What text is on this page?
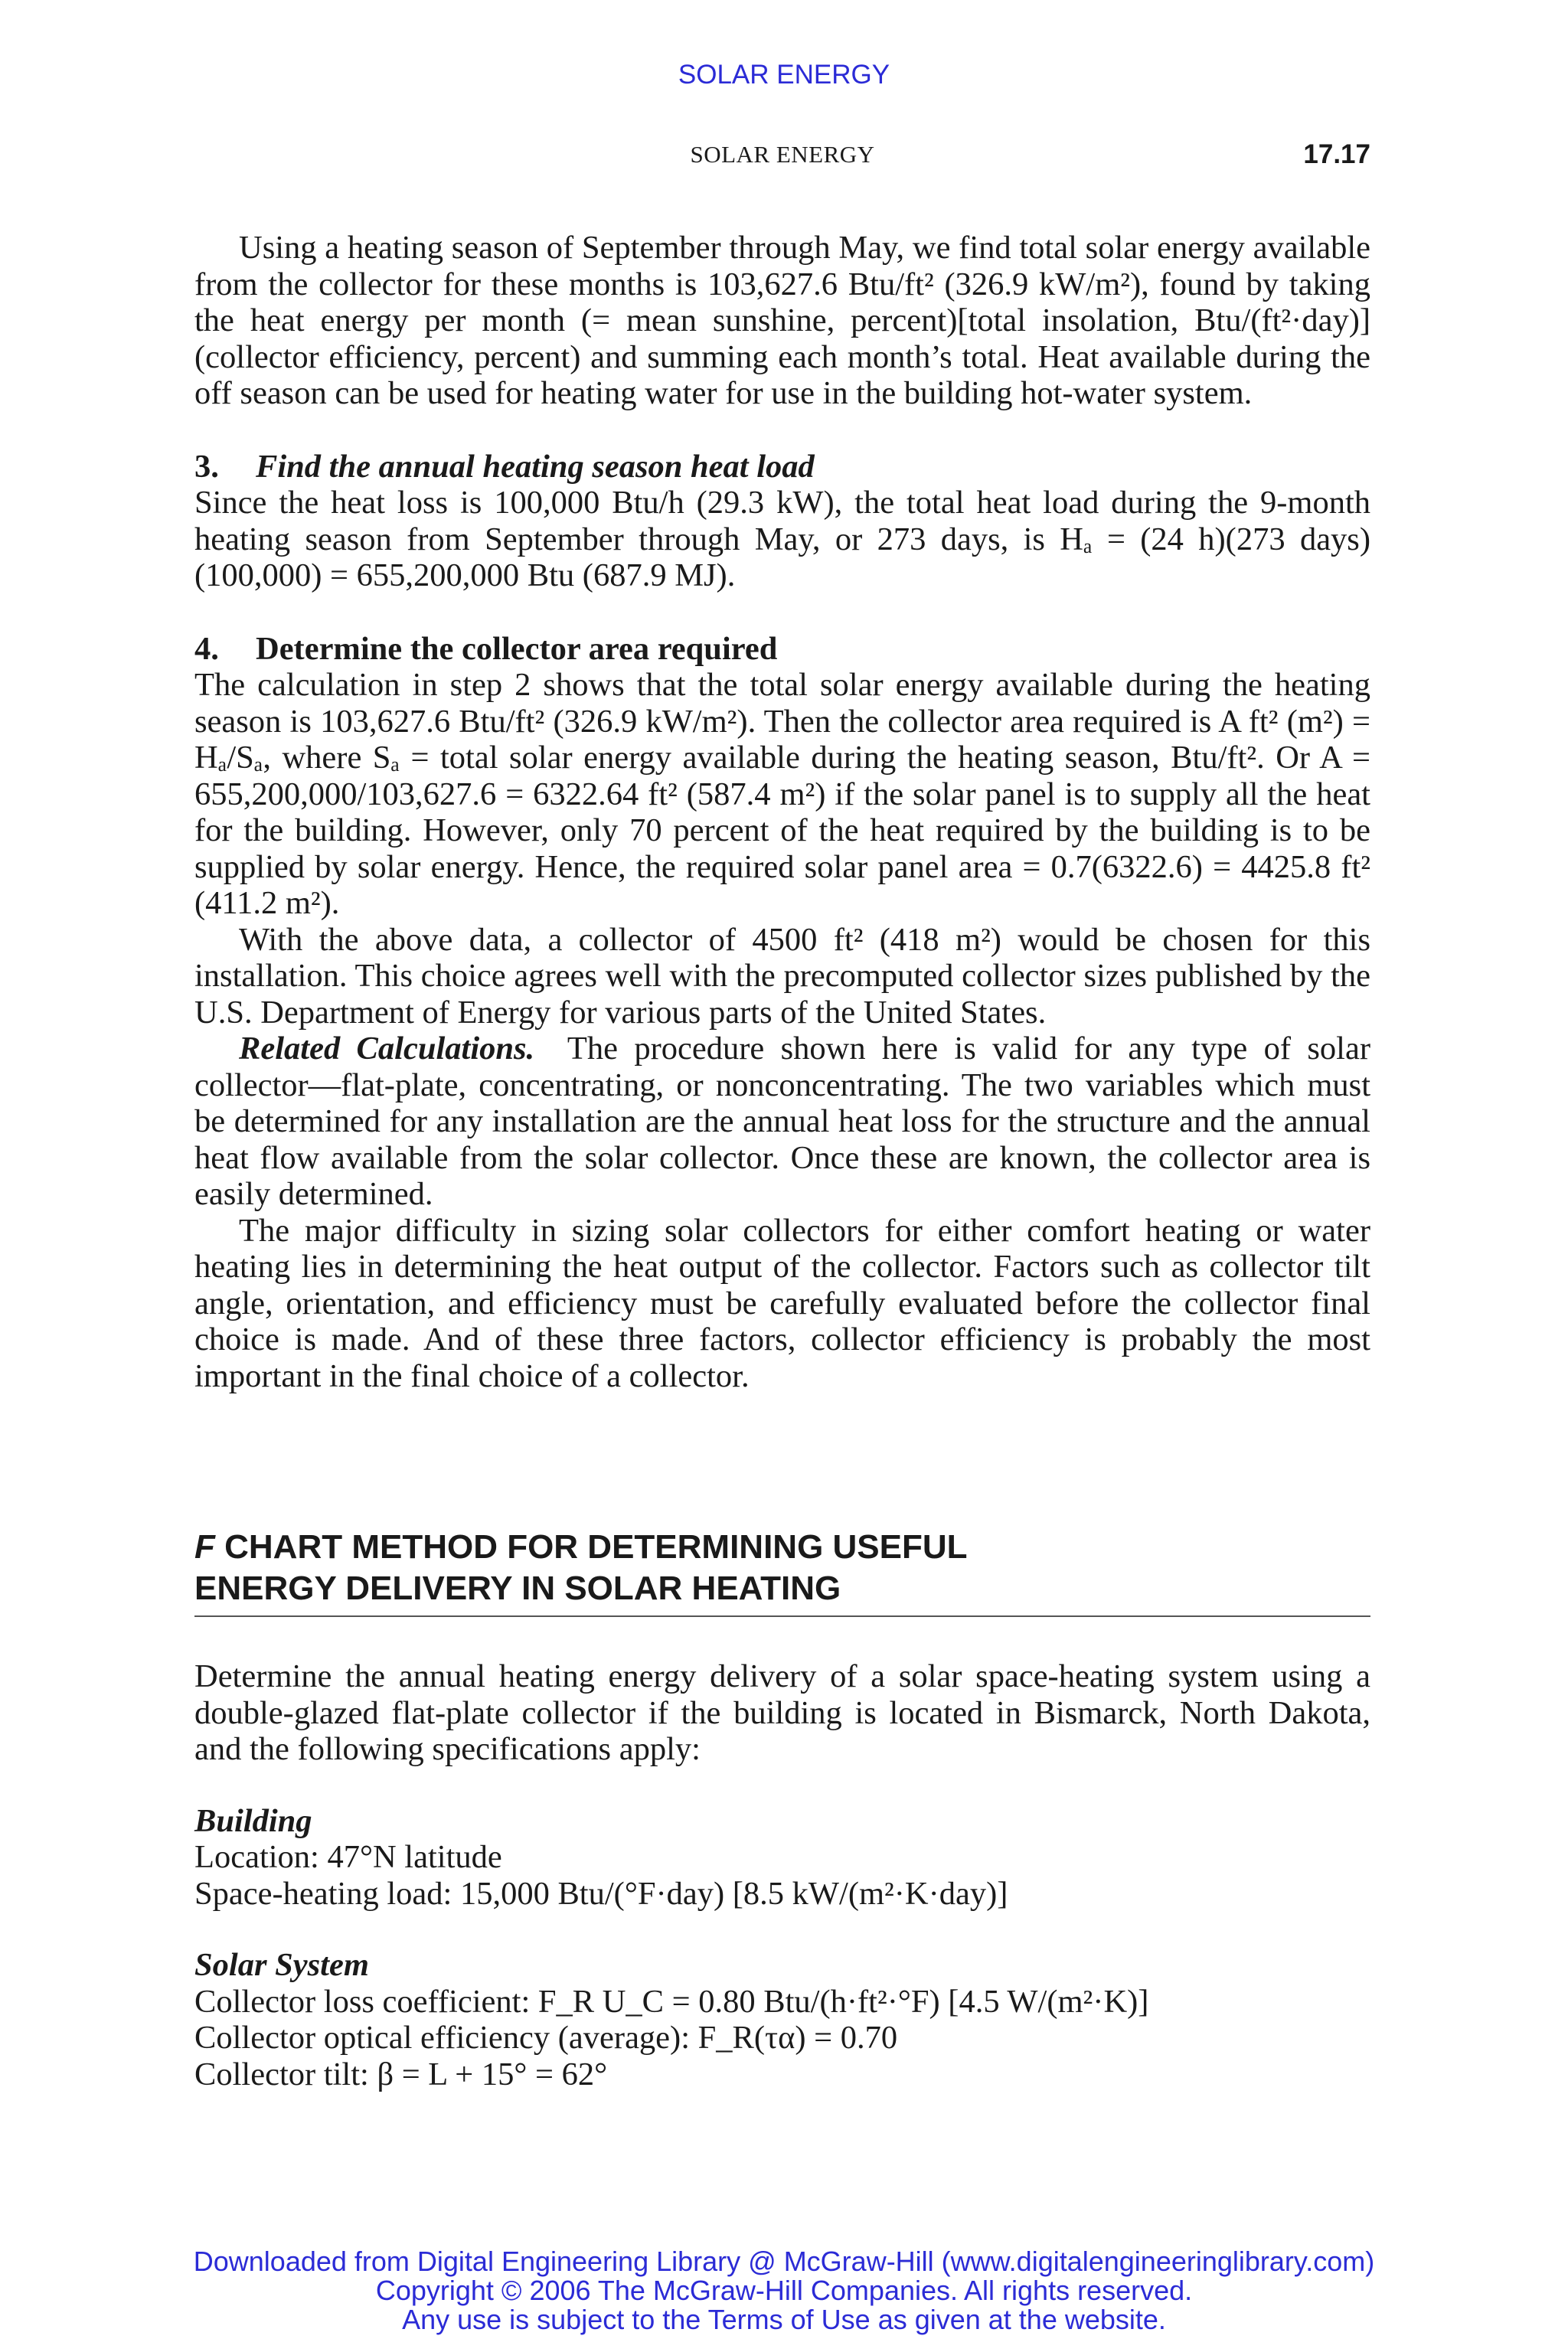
SOLAR ENERGY
SOLAR ENERGY	17.17

Using a heating season of September through May, we find total solar energy available from the collector for these months is 103,627.6 Btu/ft² (326.9 kW/m²), found by taking the heat energy per month (= mean sunshine, percent)[total insolation, Btu/(ft²·day)](collector efficiency, percent) and summing each month’s total. Heat available during the off season can be used for heating water for use in the building hot-water system.

3. Find the annual heating season heat load

Since the heat loss is 100,000 Btu/h (29.3 kW), the total heat load during the 9-month heating season from September through May, or 273 days, is Hₐ = (24 h)(273 days)(100,000) = 655,200,000 Btu (687.9 MJ).

4. Determine the collector area required

The calculation in step 2 shows that the total solar energy available during the heating season is 103,627.6 Btu/ft² (326.9 kW/m²). Then the collector area required is A ft² (m²) = Hₐ/Sₐ, where Sₐ = total solar energy available during the heating season, Btu/ft². Or A = 655,200,000/103,627.6 = 6322.64 ft² (587.4 m²) if the solar panel is to supply all the heat for the building. However, only 70 percent of the heat required by the building is to be supplied by solar energy. Hence, the required solar panel area = 0.7(6322.6) = 4425.8 ft² (411.2 m²).

With the above data, a collector of 4500 ft² (418 m²) would be chosen for this installation. This choice agrees well with the precomputed collector sizes published by the U.S. Department of Energy for various parts of the United States.

Related Calculations. The procedure shown here is valid for any type of solar collector—flat-plate, concentrating, or nonconcentrating. The two variables which must be determined for any installation are the annual heat loss for the structure and the annual heat flow available from the solar collector. Once these are known, the collector area is easily determined.

The major difficulty in sizing solar collectors for either comfort heating or water heating lies in determining the heat output of the collector. Factors such as collector tilt angle, orientation, and efficiency must be carefully evaluated before the collector final choice is made. And of these three factors, collector efficiency is probably the most important in the final choice of a collector.

F CHART METHOD FOR DETERMINING USEFUL
ENERGY DELIVERY IN SOLAR HEATING

Determine the annual heating energy delivery of a solar space-heating system using a double-glazed flat-plate collector if the building is located in Bismarck, North Dakota, and the following specifications apply:

Building
Location: 47°N latitude
Space-heating load: 15,000 Btu/(°F·day) [8.5 kW/(m²·K·day)]
Solar System
Collector loss coefficient: F_R U_C = 0.80 Btu/(h·ft²·°F) [4.5 W/(m²·K)]
Collector optical efficiency (average): F_R(τα) = 0.70
Collector tilt: β = L + 15° = 62°
Downloaded from Digital Engineering Library @ McGraw-Hill (www.digitalengineeringlibrary.com)
Copyright © 2006 The McGraw-Hill Companies. All rights reserved.
Any use is subject to the Terms of Use as given at the website.
